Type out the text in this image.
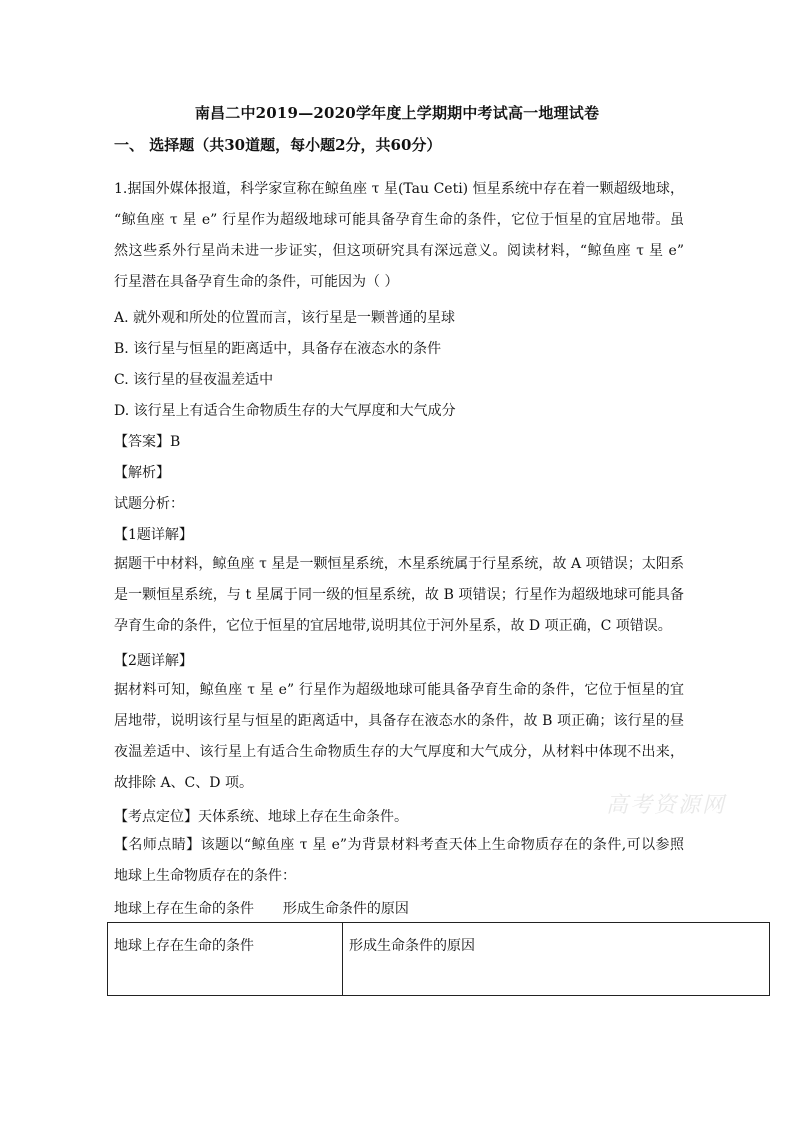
南昌二中2019—2020学年度上学期期中考试高一地理试卷
一、 选择题（共30道题，每小题2分，共60分）
1.据国外媒体报道，科学家宣称在鲸鱼座 τ 星(Tau Ceti) 恒星系统中存在着一颗超级地球，
“鲸鱼座 τ 星 e” 行星作为超级地球可能具备孕育生命的条件，它位于恒星的宜居地带。虽
然这些系外行星尚未进一步证实，但这项研究具有深远意义。阅读材料，“鲸鱼座 τ 星 e”
行星潜在具备孕育生命的条件，可能因为（ ）
A. 就外观和所处的位置而言，该行星是一颗普通的星球
B. 该行星与恒星的距离适中，具备存在液态水的条件
C. 该行星的昼夜温差适中
D. 该行星上有适合生命物质生存的大气厚度和大气成分
【答案】B
【解析】
试题分析：
【1题详解】
据题干中材料，鲸鱼座 τ 星是一颗恒星系统，木星系统属于行星系统，故 A 项错误；太阳系
是一颗恒星系统，与 t 星属于同一级的恒星系统，故 B 项错误；行星作为超级地球可能具备
孕育生命的条件，它位于恒星的宜居地带,说明其位于河外星系，故 D 项正确，C 项错误。
【2题详解】
据材料可知，鲸鱼座 τ 星 e” 行星作为超级地球可能具备孕育生命的条件，它位于恒星的宜
居地带，说明该行星与恒星的距离适中，具备存在液态水的条件，故 B 项正确；该行星的昼
夜温差适中、该行星上有适合生命物质生存的大气厚度和大气成分，从材料中体现不出来，
故排除 A、C、D 项。
高考资源网
【考点定位】天体系统、地球上存在生命条件。
【名师点睛】该题以“鲸鱼座 τ 星 e”为背景材料考查天体上生命物质存在的条件,可以参照
地球上生命物质存在的条件：
地球上存在生命的条件 形成生命条件的原因
地球上存在生命的条件	形成生命条件的原因
